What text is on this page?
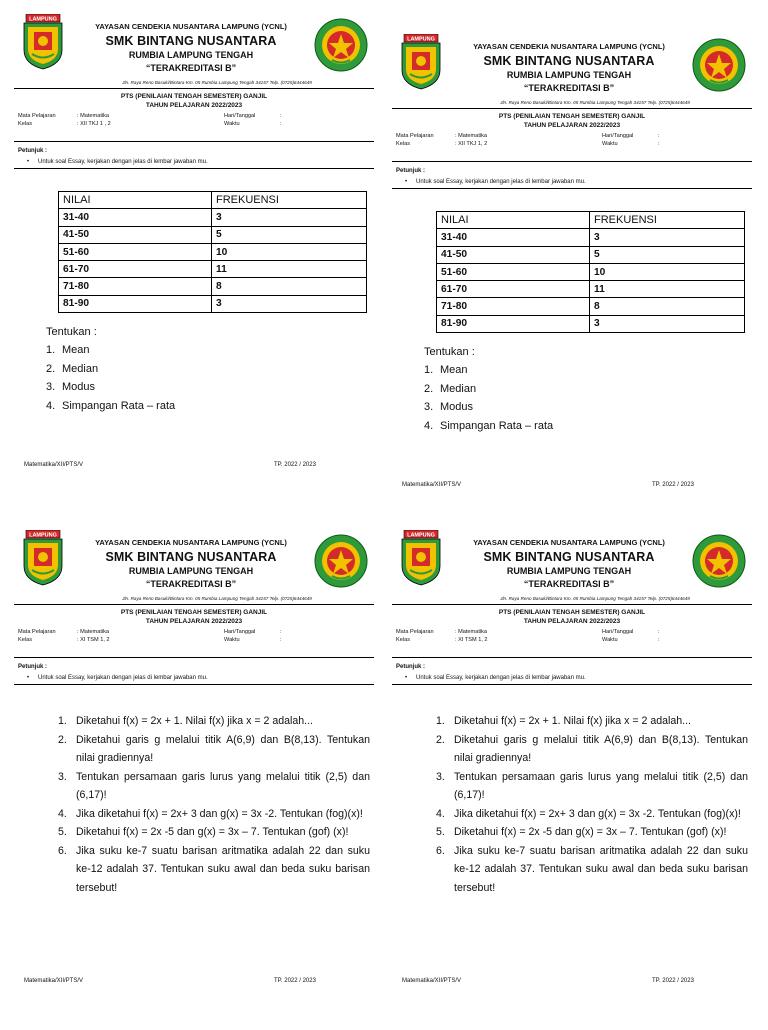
LAMPUNG
YAYASAN CENDEKIA NUSANTARA LAMPUNG (YCNL)
SMK BINTANG NUSANTARA
RUMBIA LAMPUNG TENGAH
“TERAKREDITASI B”
Jln. Raya Reno Basuki/Bintara Km. 05 Rumbia Lampung Tengah 34157 Telp. (0725)6444649
PTS (PENILAIAN TENGAH SEMESTER) GANJIL
TAHUN PELAJARAN 2022/2023
Mata Pelajaran	: Matematika	Hari/Tanggal	:
Kelas	: XII TKJ 1 , 2	Waktu	:
Petunjuk :
• Untuk soal Essay, kerjakan dengan jelas di lembar jawaban mu.
Matematika/XII/PTS/V	TP. 2022 / 2023
NILAI	FREKUENSI
31-40	3
41-50	5
51-60	10
61-70	11
71-80	8
81-90	3
Tentukan :
1. Mean
2. Median
3. Modus
4. Simpangan Rata – rata
LAMPUNG
YAYASAN CENDEKIA NUSANTARA LAMPUNG (YCNL)
SMK BINTANG NUSANTARA
RUMBIA LAMPUNG TENGAH
“TERAKREDITASI B”
Jln. Raya Reno Basuki/Bintara Km. 05 Rumbia Lampung Tengah 34157 Telp. (0725)6444649
PTS (PENILAIAN TENGAH SEMESTER) GANJIL
TAHUN PELAJARAN 2022/2023
Mata Pelajaran	: Matematika	Hari/Tanggal	:
Kelas	: XII TKJ 1, 2	Waktu	:
Petunjuk :
• Untuk soal Essay, kerjakan dengan jelas di lembar jawaban mu.
Matematika/XII/PTS/V	TP. 2022 / 2023
NILAI	FREKUENSI
31-40	3
41-50	5
51-60	10
61-70	11
71-80	8
81-90	3
Tentukan :
1. Mean
2. Median
3. Modus
4. Simpangan Rata – rata
LAMPUNG
YAYASAN CENDEKIA NUSANTARA LAMPUNG (YCNL)
SMK BINTANG NUSANTARA
RUMBIA LAMPUNG TENGAH
“TERAKREDITASI B”
Jln. Raya Reno Basuki/Bintara Km. 05 Rumbia Lampung Tengah 34157 Telp. (0725)6444649
PTS (PENILAIAN TENGAH SEMESTER) GANJIL
TAHUN PELAJARAN 2022/2023
Mata Pelajaran	: Matematika	Hari/Tanggal	:
Kelas	: XI TSM 1, 2	Waktu	:
Petunjuk :
• Untuk soal Essay, kerjakan dengan jelas di lembar jawaban mu.
Matematika/XII/PTS/V	TP. 2022 / 2023
1. Diketahui f(x) = 2x + 1. Nilai f(x) jika x = 2 adalah...
2. Diketahui garis g melalui titik A(6,9) dan B(8,13). Tentukan nilai gradiennya!
3. Tentukan persamaan garis lurus yang melalui titik (2,5) dan (6,17)!
4. Jika diketahui f(x) = 2x+ 3 dan g(x) = 3x -2. Tentukan (fog)(x)!
5. Diketahui f(x) = 2x -5 dan g(x) = 3x – 7. Tentukan (gof) (x)!
6. Jika suku ke-7 suatu barisan aritmatika adalah 22 dan suku ke-12 adalah 37. Tentukan suku awal dan beda suku barisan tersebut!
LAMPUNG
YAYASAN CENDEKIA NUSANTARA LAMPUNG (YCNL)
SMK BINTANG NUSANTARA
RUMBIA LAMPUNG TENGAH
“TERAKREDITASI B”
Jln. Raya Reno Basuki/Bintara Km. 05 Rumbia Lampung Tengah 34157 Telp. (0725)6444649
PTS (PENILAIAN TENGAH SEMESTER) GANJIL
TAHUN PELAJARAN 2022/2023
Mata Pelajaran	: Matematika	Hari/Tanggal	:
Kelas	: XI TSM 1, 2	Waktu	:
Petunjuk :
• Untuk soal Essay, kerjakan dengan jelas di lembar jawaban mu.
Matematika/XII/PTS/V	TP. 2022 / 2023
1. Diketahui f(x) = 2x + 1. Nilai f(x) jika x = 2 adalah...
2. Diketahui garis g melalui titik A(6,9) dan B(8,13). Tentukan nilai gradiennya!
3. Tentukan persamaan garis lurus yang melalui titik (2,5) dan (6,17)!
4. Jika diketahui f(x) = 2x+ 3 dan g(x) = 3x -2. Tentukan (fog)(x)!
5. Diketahui f(x) = 2x -5 dan g(x) = 3x – 7. Tentukan (gof) (x)!
6. Jika suku ke-7 suatu barisan aritmatika adalah 22 dan suku ke-12 adalah 37. Tentukan suku awal dan beda suku barisan tersebut!
